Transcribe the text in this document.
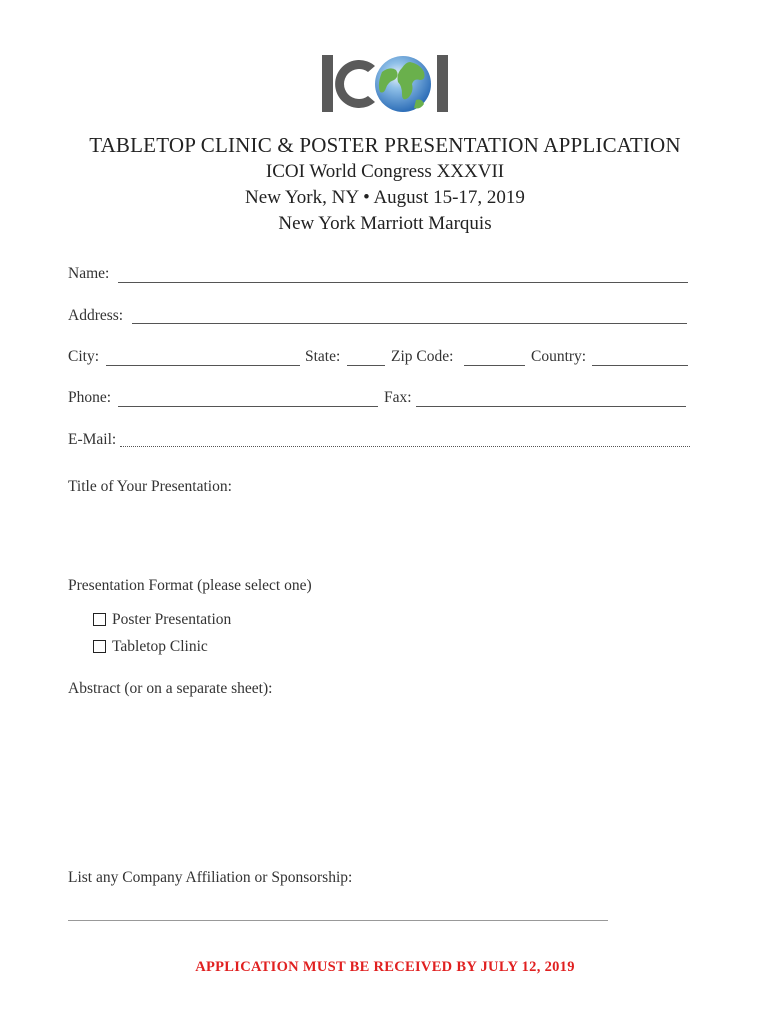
TABLETOP CLINIC & POSTER PRESENTATION APPLICATION
ICOI World Congress XXXVII
New York, NY • August 15-17, 2019
New York Marriott Marquis
Name:
Address:
City:	State:	Zip Code:	Country:
Phone:	Fax:
E-Mail:
Title of Your Presentation:
Presentation Format (please select one)
Poster Presentation
Tabletop Clinic
Abstract (or on a separate sheet):
List any Company Affiliation or Sponsorship:
APPLICATION MUST BE RECEIVED BY JULY 12, 2019
